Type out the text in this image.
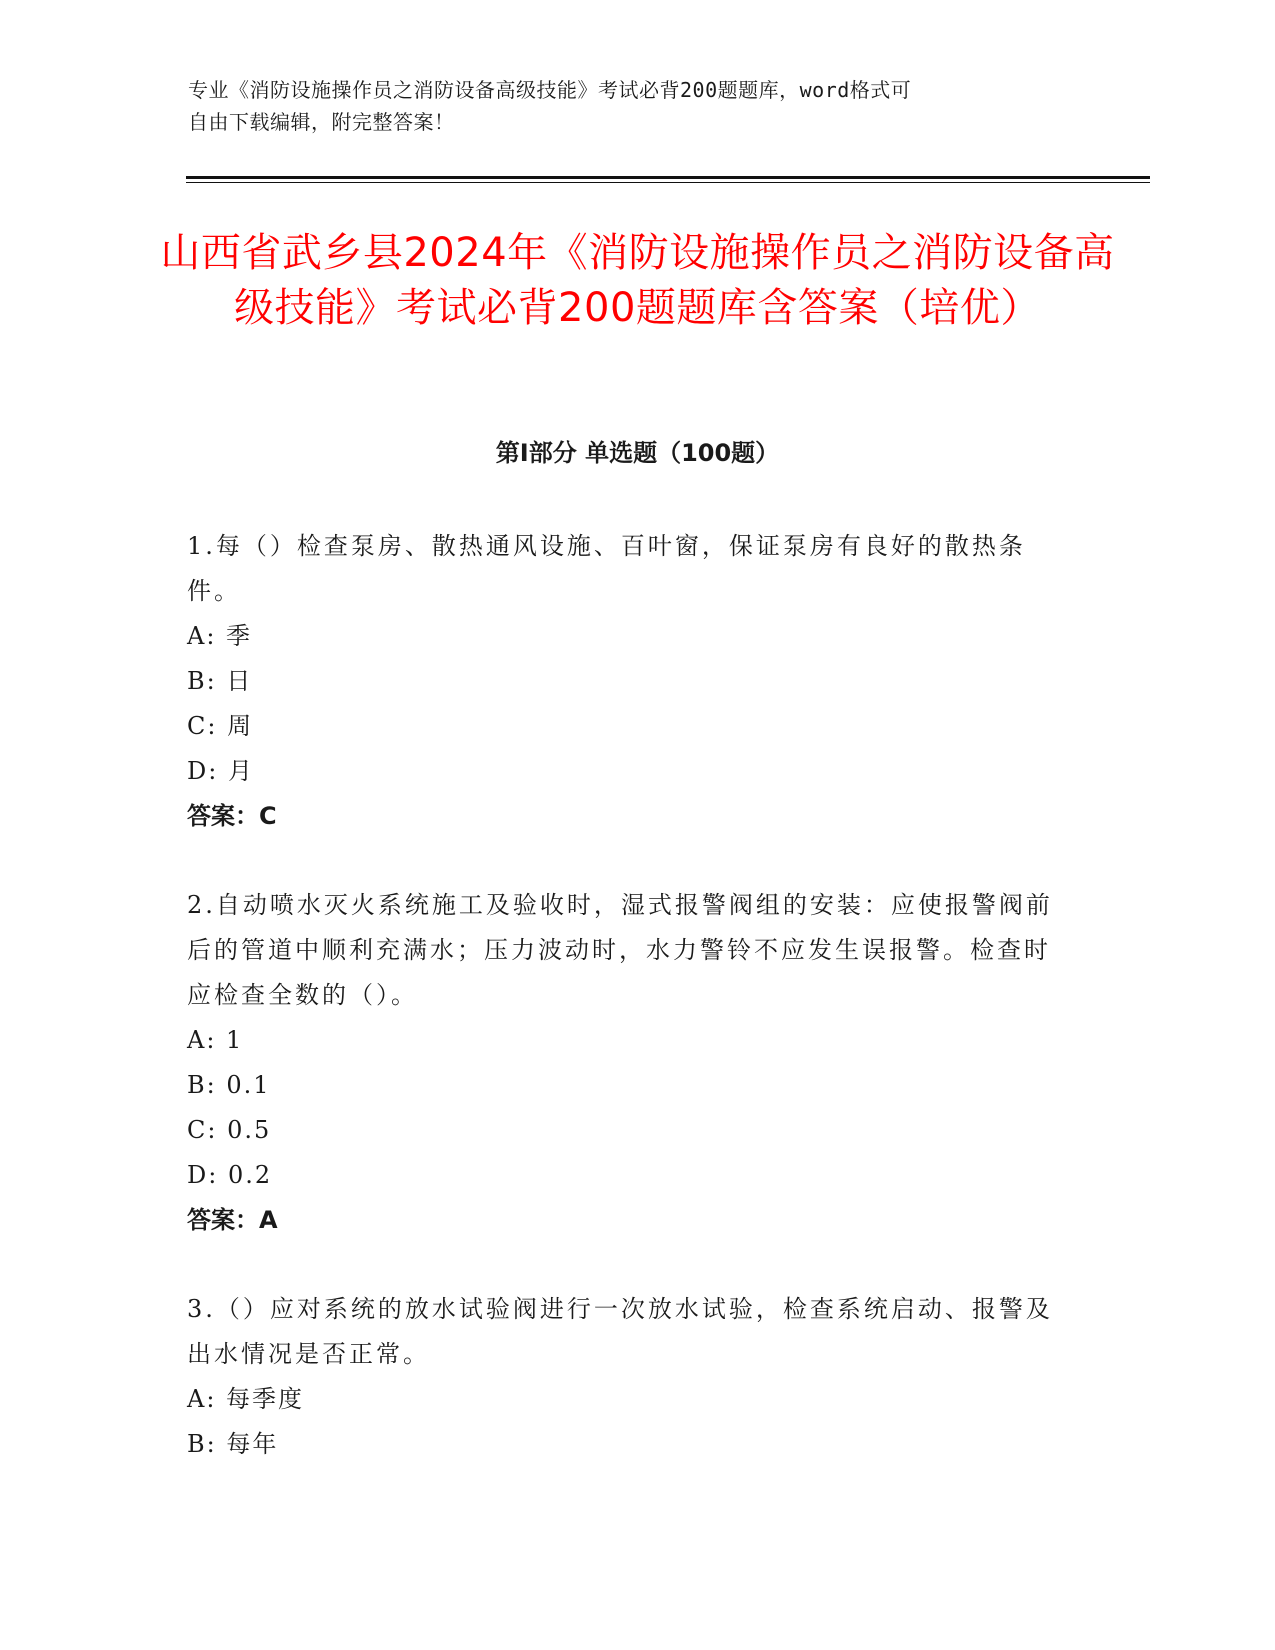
专业《消防设施操作员之消防设备高级技能》考试必背200题题库，word格式可
自由下载编辑，附完整答案！
山西省武乡县2024年《消防设施操作员之消防设备高级技能》考试必背200题题库含答案（培优）
第Ⅰ部分 单选题（100题）

1.每（）检查泵房、散热通风设施、百叶窗，保证泵房有良好的散热条件。

A: 季

B: 日

C: 周

D: 月

答案：C

2.自动喷水灭火系统施工及验收时，湿式报警阀组的安装：应使报警阀前后的管道中顺利充满水；压力波动时，水力警铃不应发生误报警。检查时应检查全数的（）。

A: 1

B: 0.1

C: 0.5

D: 0.2

答案：A

3.（）应对系统的放水试验阀进行一次放水试验，检查系统启动、报警及出水情况是否正常。

A: 每季度

B: 每年
